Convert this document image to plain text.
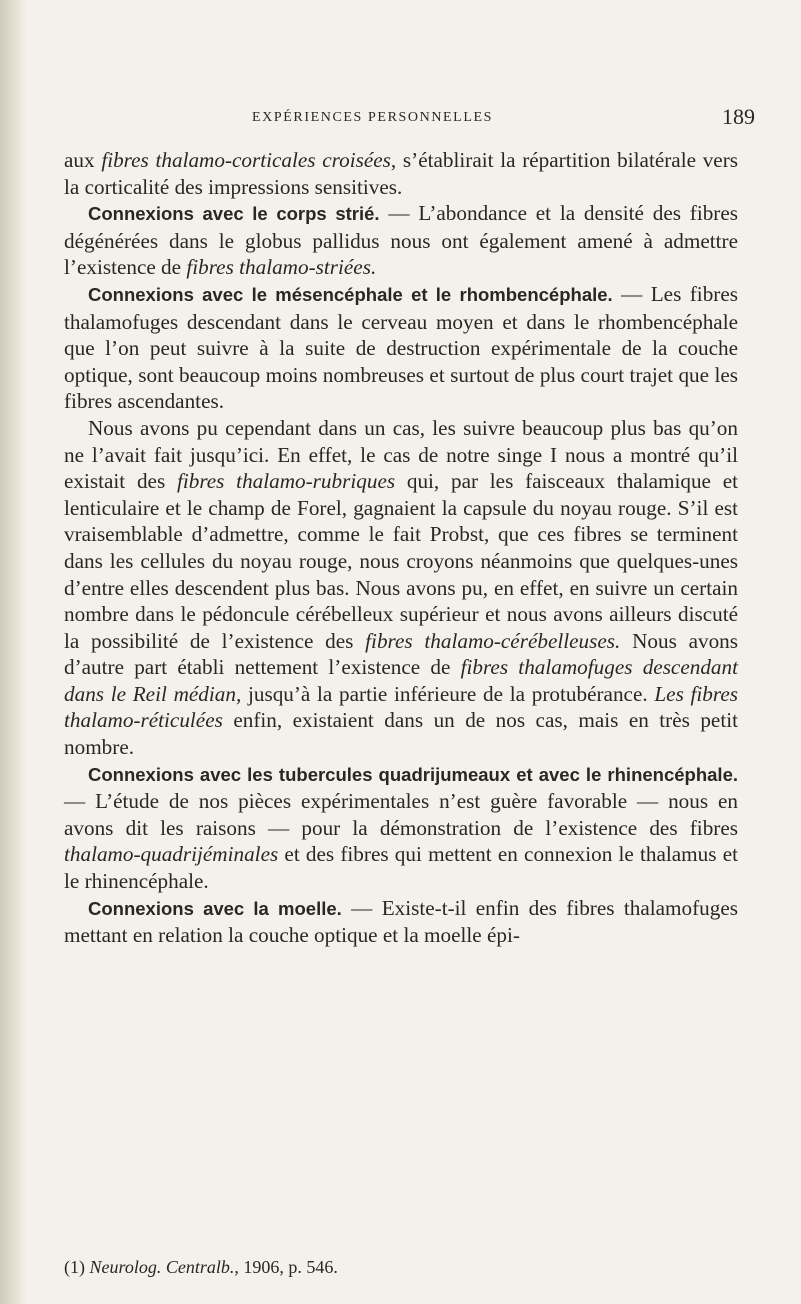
EXPÉRIENCES PERSONNELLES	189

aux fibres thalamo-corticales croisées, s’établirait la répartition bilatérale vers la corticalité des impressions sensitives.

Connexions avec le corps strié. — L’abondance et la densité des fibres dégénérées dans le globus pallidus nous ont également amené à admettre l’existence de fibres thalamo-striées.

Connexions avec le mésencéphale et le rhombencéphale. — Les fibres thalamofuges descendant dans le cerveau moyen et dans le rhombencéphale que l’on peut suivre à la suite de destruction expérimentale de la couche optique, sont beaucoup moins nombreuses et surtout de plus court trajet que les fibres ascendantes.

Nous avons pu cependant dans un cas, les suivre beaucoup plus bas qu’on ne l’avait fait jusqu’ici. En effet, le cas de notre singe I nous a montré qu’il existait des fibres thalamo-rubriques qui, par les faisceaux thalamique et lenticulaire et le champ de Forel, gagnaient la capsule du noyau rouge. S’il est vraisemblable d’admettre, comme le fait Probst, que ces fibres se terminent dans les cellules du noyau rouge, nous croyons néanmoins que quelques-unes d’entre elles descendent plus bas. Nous avons pu, en effet, en suivre un certain nombre dans le pédoncule cérébelleux supérieur et nous avons ailleurs discuté la possibilité de l’existence des fibres thalamo-cérébelleuses. Nous avons d’autre part établi nettement l’existence de fibres thalamofuges descendant dans le Reil médian, jusqu’à la partie inférieure de la protubérance. Les fibres thalamo-réticulées enfin, existaient dans un de nos cas, mais en très petit nombre.

Connexions avec les tubercules quadrijumeaux et avec le rhinencéphale. — L’étude de nos pièces expérimentales n’est guère favorable — nous en avons dit les raisons — pour la démonstration de l’existence des fibres thalamo-quadrijéminales et des fibres qui mettent en connexion le thalamus et le rhinencéphale.

Connexions avec la moelle. — Existe-t-il enfin des fibres thalamofuges mettant en relation la couche optique et la moelle épi-

(1) Neurolog. Centralb., 1906, p. 546.
